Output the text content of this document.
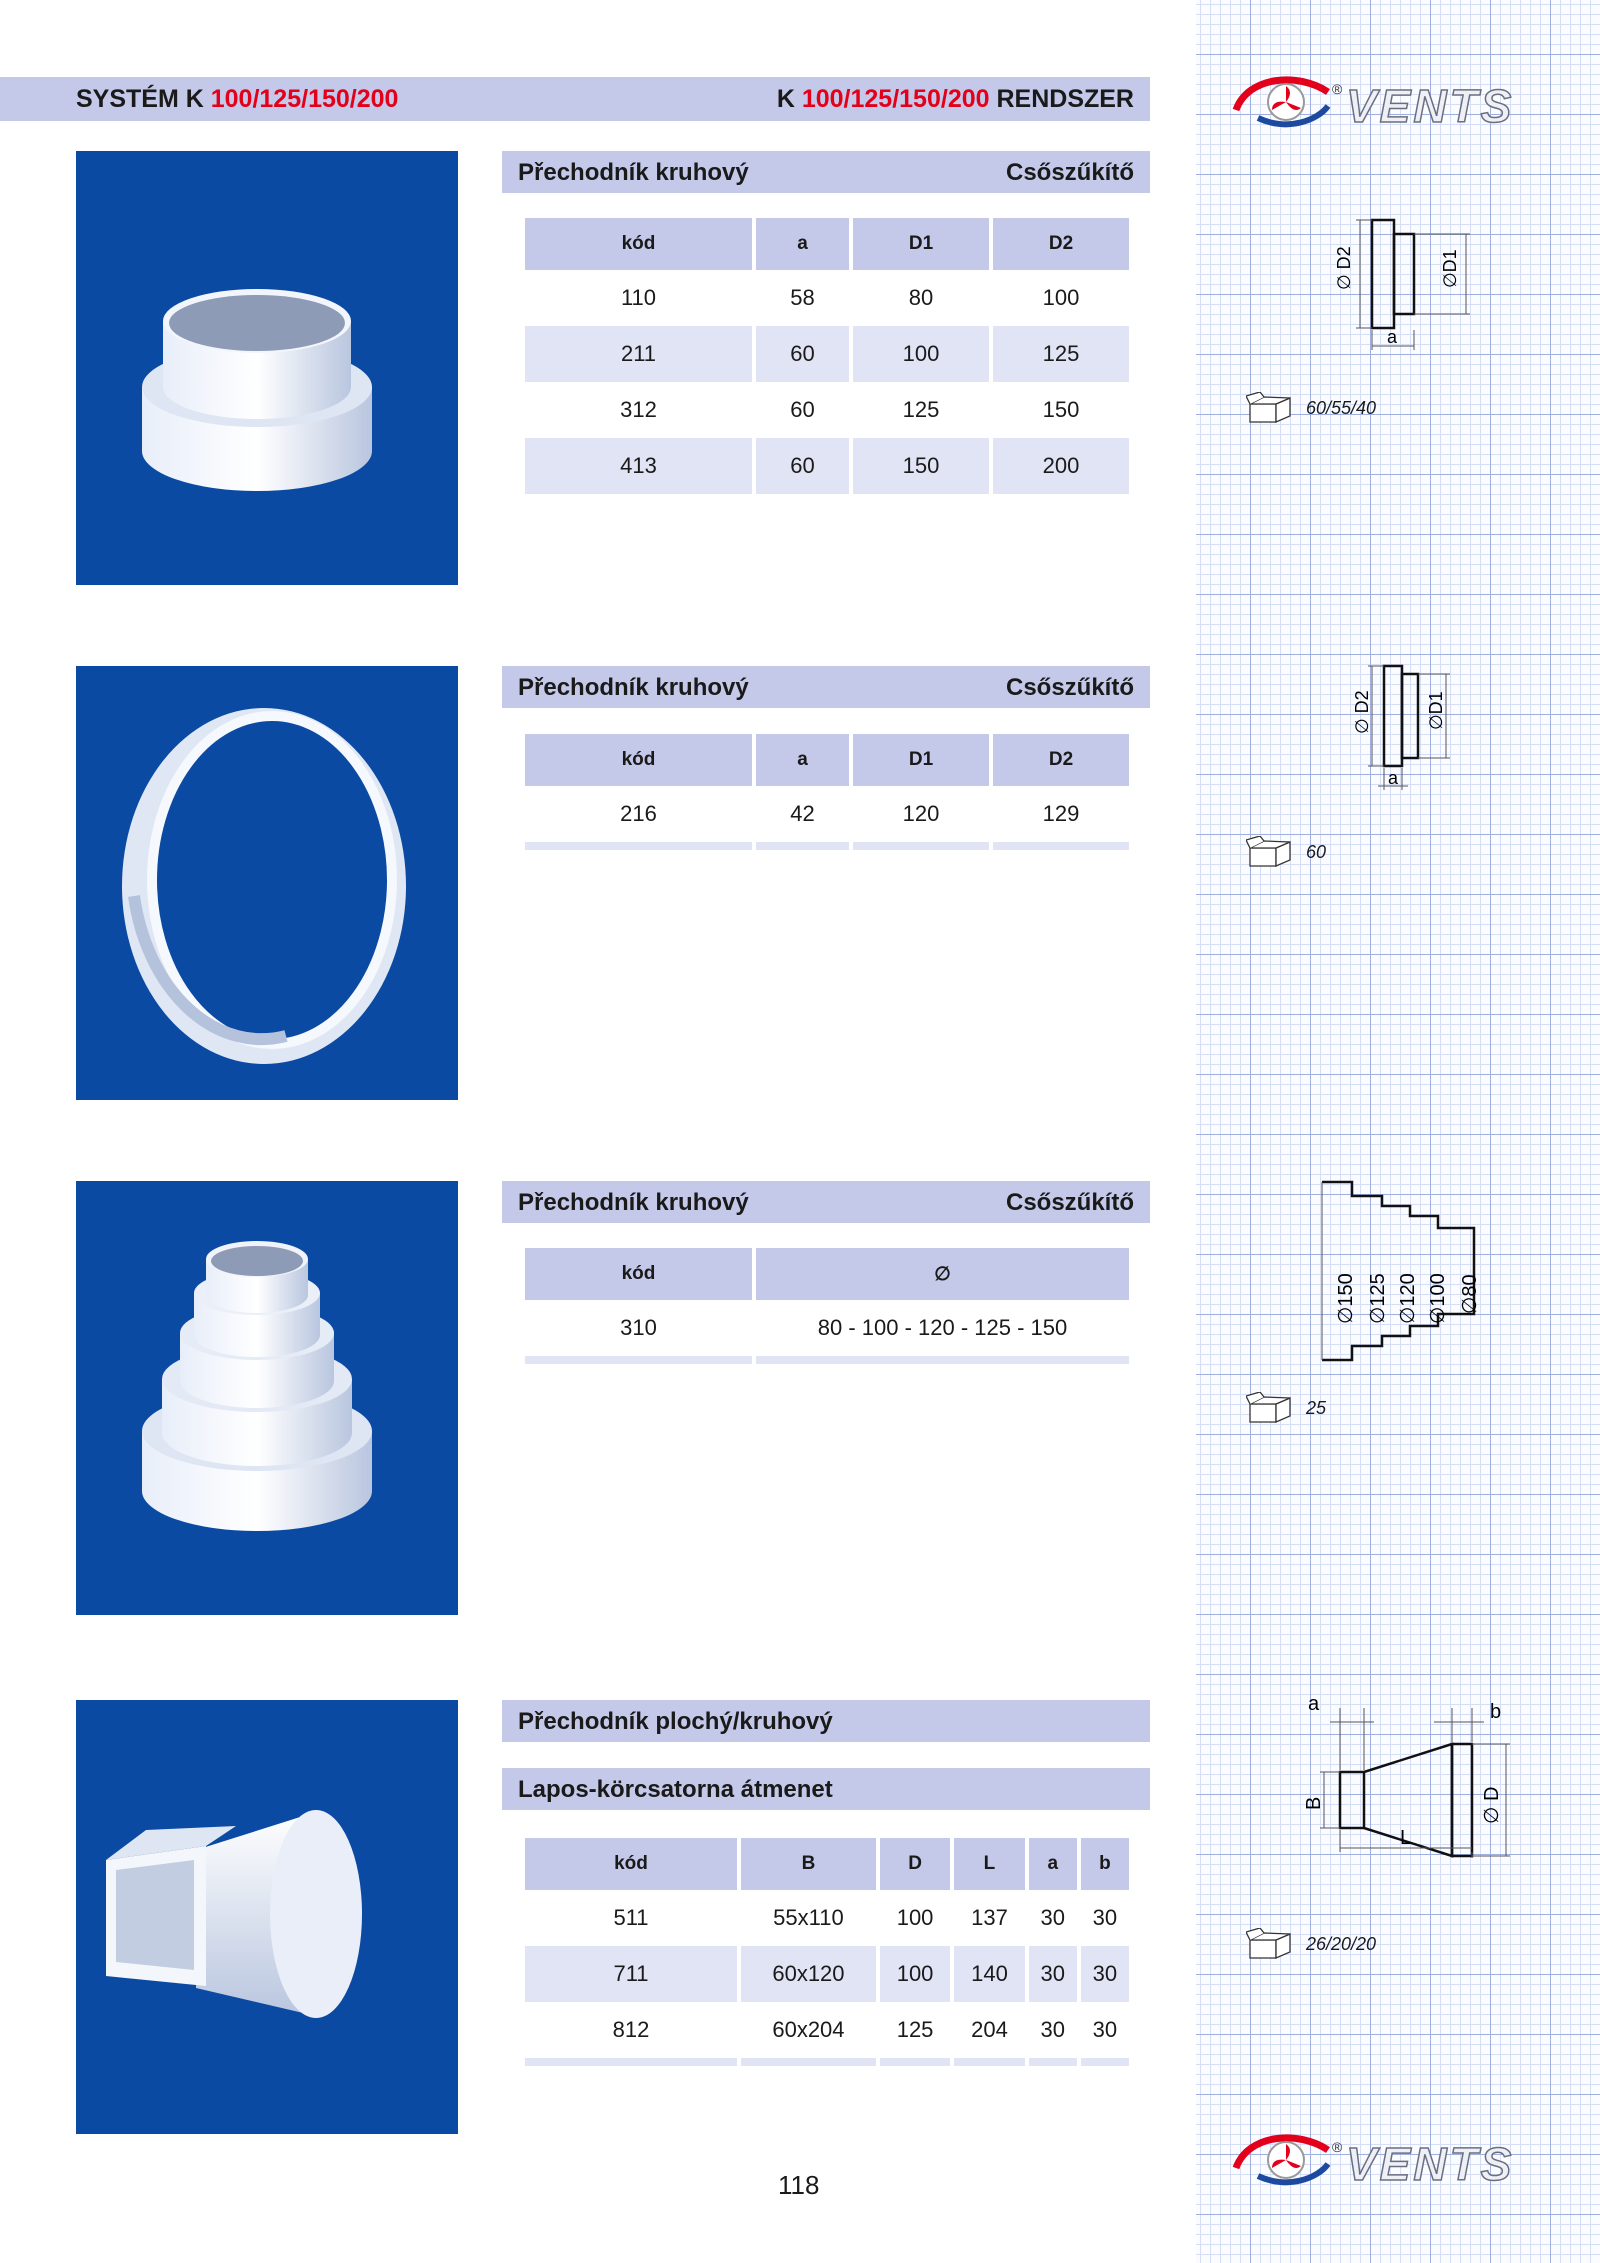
SYSTÉM K 100/125/150/200	K 100/125/150/200 RENDSZER	® VENTS
® VENTS
Přechodník kruhový	Csőszűkítő
kód	a	D1	D2
110	58	80	100
211	60	100	125
312	60	125	150
413	60	150	200
∅ D2	∅D1
a
60/55/40
Přechodník kruhový	Csőszűkítő
kód	a	D1	D2
216	42	120	129

∅ D2	∅D1
a
60
Přechodník kruhový	Csőszűkítő
kód	∅
310	80 - 100 - 120 - 125 - 150

∅150 ∅125 ∅120 ∅100 ∅80
25
Přechodník plochý/kruhový
Lapos-körcsatorna átmenet
kód	B	D	L	a	b
511	55x110	100	137	30	30
711	60x120	100	140	30	30
812	60x204	125	204	30	30

a	b
B	∅ D
L
26/20/20
118
